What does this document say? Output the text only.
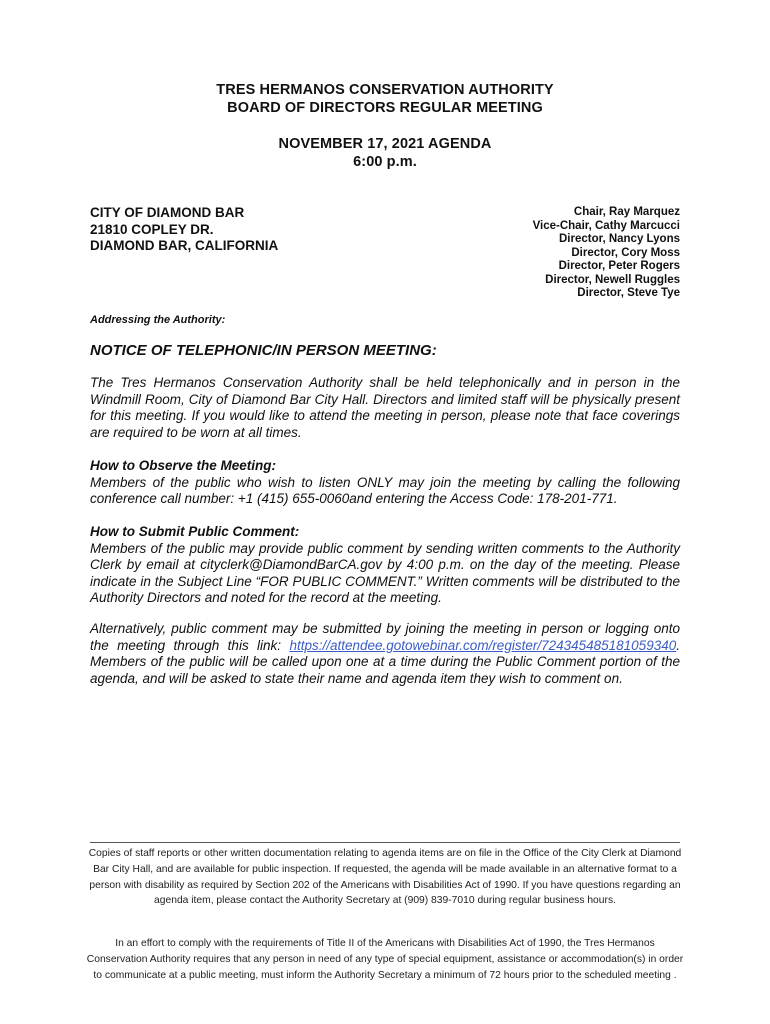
TRES HERMANOS CONSERVATION AUTHORITY
BOARD OF DIRECTORS REGULAR MEETING
NOVEMBER 17, 2021 AGENDA
6:00 p.m.
CITY OF DIAMOND BAR
21810 COPLEY DR.
DIAMOND BAR, CALIFORNIA
Chair, Ray Marquez
Vice-Chair, Cathy Marcucci
Director, Nancy Lyons
Director, Cory Moss
Director, Peter Rogers
Director, Newell Ruggles
Director, Steve Tye
Addressing the Authority:
NOTICE OF TELEPHONIC/IN PERSON MEETING:
The Tres Hermanos Conservation Authority shall be held telephonically and in person in the Windmill Room, City of Diamond Bar City Hall. Directors and limited staff will be physically present for this meeting. If you would like to attend the meeting in person, please note that face coverings are required to be worn at all times.
How to Observe the Meeting:
Members of the public who wish to listen ONLY may join the meeting by calling the following conference call number: +1 (415) 655-0060and entering the Access Code: 178-201-771.
How to Submit Public Comment:
Members of the public may provide public comment by sending written comments to the Authority Clerk by email at cityclerk@DiamondBarCA.gov by 4:00 p.m. on the day of the meeting. Please indicate in the Subject Line “FOR PUBLIC COMMENT.” Written comments will be distributed to the Authority Directors and noted for the record at the meeting.
Alternatively, public comment may be submitted by joining the meeting in person or logging onto the meeting through this link: https://attendee.gotowebinar.com/register/724345485181059340. Members of the public will be called upon one at a time during the Public Comment portion of the agenda, and will be asked to state their name and agenda item they wish to comment on.
Copies of staff reports or other written documentation relating to agenda items are on file in the Office of the City Clerk at Diamond Bar City Hall, and are available for public inspection. If requested, the agenda will be made available in an alternative format to a person with disability as required by Section 202 of the Americans with Disabilities Act of 1990. If you have questions regarding an agenda item, please contact the Authority Secretary at (909) 839-7010 during regular business hours.
In an effort to comply with the requirements of Title II of the Americans with Disabilities Act of 1990, the Tres Hermanos Conservation Authority requires that any person in need of any type of special equipment, assistance or accommodation(s) in order to communicate at a public meeting, must inform the Authority Secretary a minimum of 72 hours prior to the scheduled meeting .
